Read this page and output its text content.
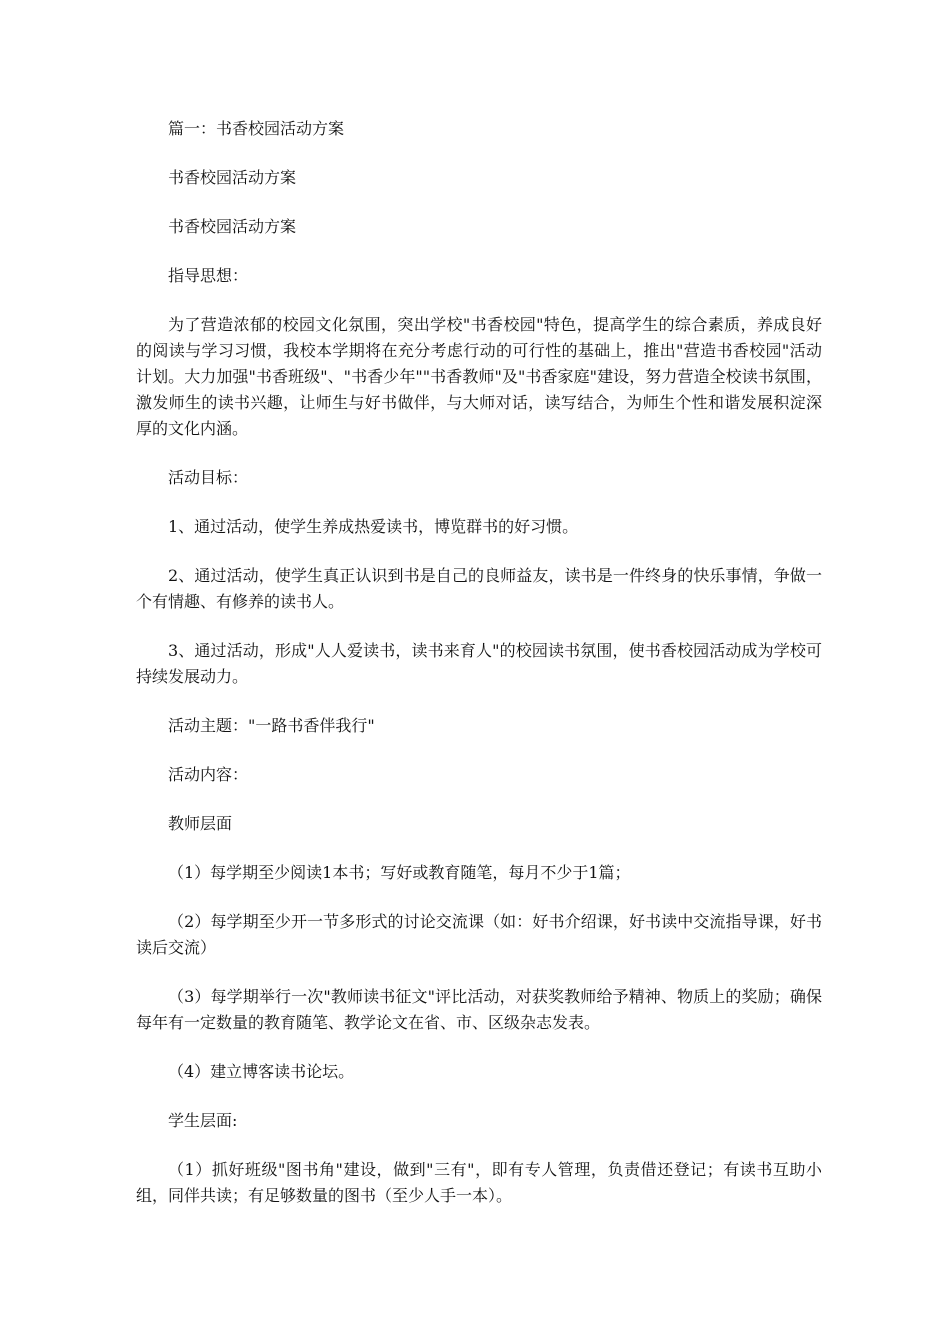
篇一：书香校园活动方案

书香校园活动方案

书香校园活动方案

指导思想：

为了营造浓郁的校园文化氛围，突出学校"书香校园"特色，提高学生的综合素质，养成良好的阅读与学习习惯，我校本学期将在充分考虑行动的可行性的基础上，推出"营造书香校园"活动计划。大力加强"书香班级"、"书香少年""书香教师"及"书香家庭"建设，努力营造全校读书氛围，激发师生的读书兴趣，让师生与好书做伴，与大师对话，读写结合，为师生个性和谐发展积淀深厚的文化内涵。

活动目标：

1、通过活动，使学生养成热爱读书，博览群书的好习惯。

2、通过活动，使学生真正认识到书是自己的良师益友，读书是一件终身的快乐事情，争做一个有情趣、有修养的读书人。

3、通过活动，形成"人人爱读书，读书来育人"的校园读书氛围，使书香校园活动成为学校可持续发展动力。

活动主题："一路书香伴我行"

活动内容：

教师层面

（1）每学期至少阅读1本书；写好或教育随笔，每月不少于1篇；

（2）每学期至少开一节多形式的讨论交流课（如：好书介绍课，好书读中交流指导课，好书读后交流）

（3）每学期举行一次"教师读书征文"评比活动，对获奖教师给予精神、物质上的奖励；确保每年有一定数量的教育随笔、教学论文在省、市、区级杂志发表。

（4）建立博客读书论坛。

学生层面:

（1）抓好班级"图书角"建设，做到"三有"，即有专人管理，负责借还登记；有读书互助小组，同伴共读；有足够数量的图书（至少人手一本）。
